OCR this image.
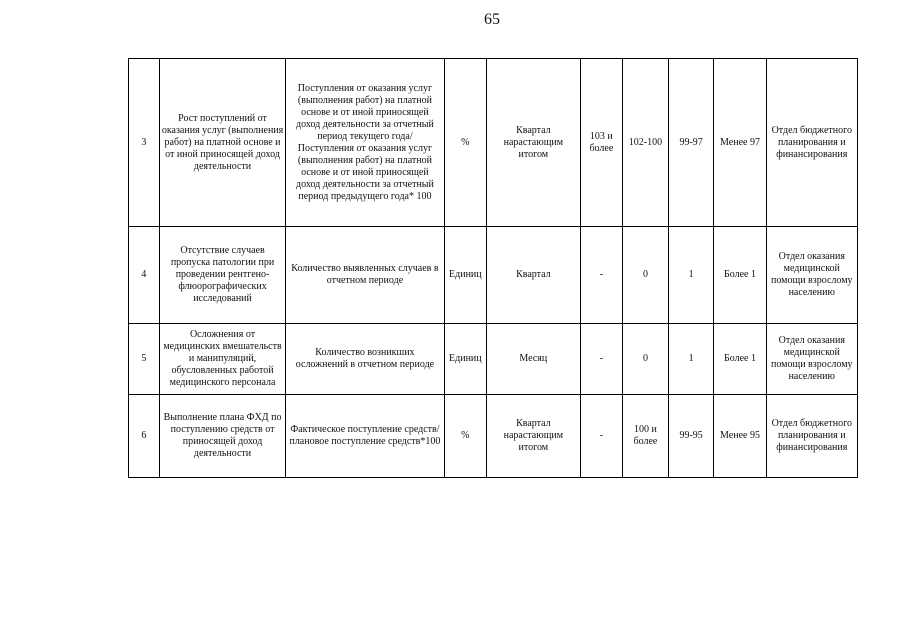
65
3	Рост поступлений от оказания услуг (выполнения работ) на платной основе и от иной приносящей доход деятельности	Поступления от оказания услуг (выполнения работ) на платной основе и от иной приносящей доход деятельности за отчетный период текущего года/ Поступления от оказания услуг (выполнения работ) на платной основе и от иной приносящей доход деятельности за отчетный период предыдущего года* 100	%	Квартал нарастающим итогом	103 и более	102-100	99-97	Менее 97	Отдел бюджетного планирования и финансирования
4	Отсутствие случаев пропуска патологии при проведении рентгено-флюорографических исследований	Количество выявленных случаев в отчетном периоде	Единиц	Квартал	-	0	1	Более 1	Отдел оказания медицинской помощи взрослому населению
5	Осложнения от медицинских вмешательств и манипуляций, обусловленных работой медицинского персонала	Количество возникших осложнений в отчетном периоде	Единиц	Месяц	-	0	1	Более 1	Отдел оказания медицинской помощи взрослому населению
6	Выполнение плана ФХД по поступлению средств от приносящей доход деятельности	Фактическое поступление средств/плановое поступление средств*100	%	Квартал нарастающим итогом	-	100 и более	99-95	Менее 95	Отдел бюджетного планирования и финансирования
